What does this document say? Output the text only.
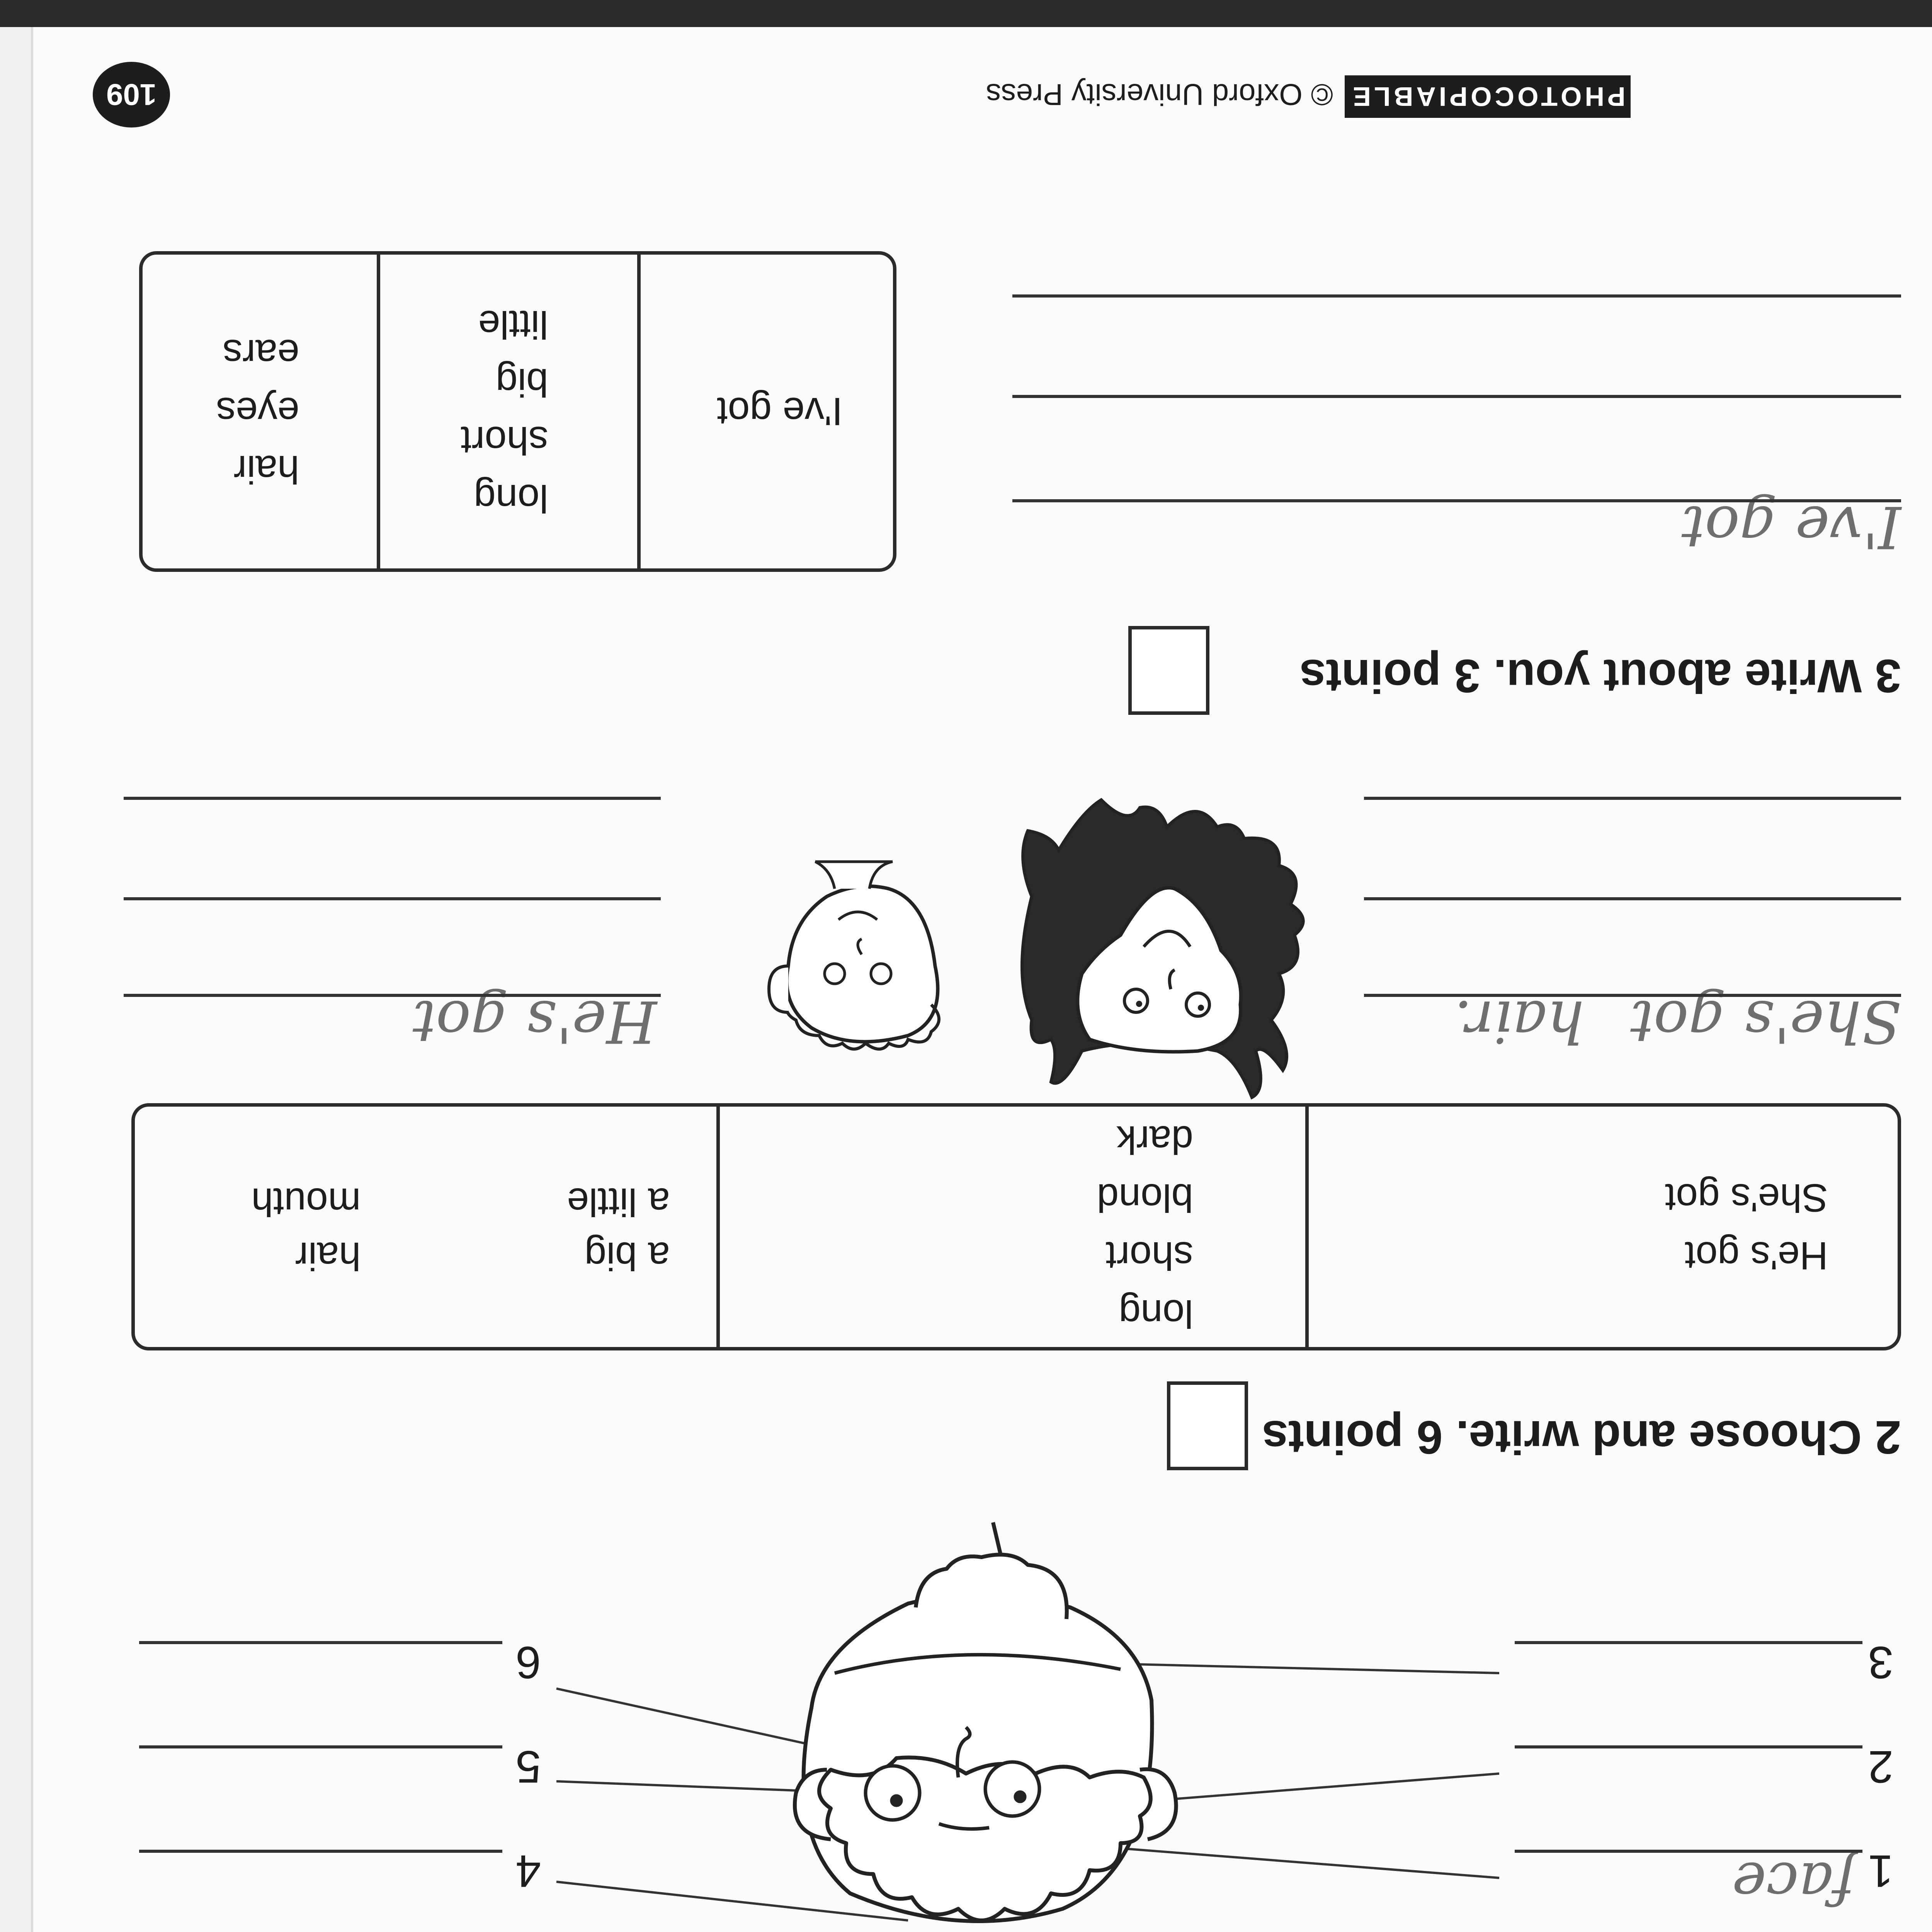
PHOTOCOPIABLE
© Oxford University Press
109
1
face
2
3
4
5
6
2 Choose and write. 6 points
He's got
She's got
long
short
blond
dark
a big
a little
hair
mouth
She's got
hair.
He's got
3 Write about you. 3 points
I've got
I've got
long
short
big
little
hair
eyes
ears
